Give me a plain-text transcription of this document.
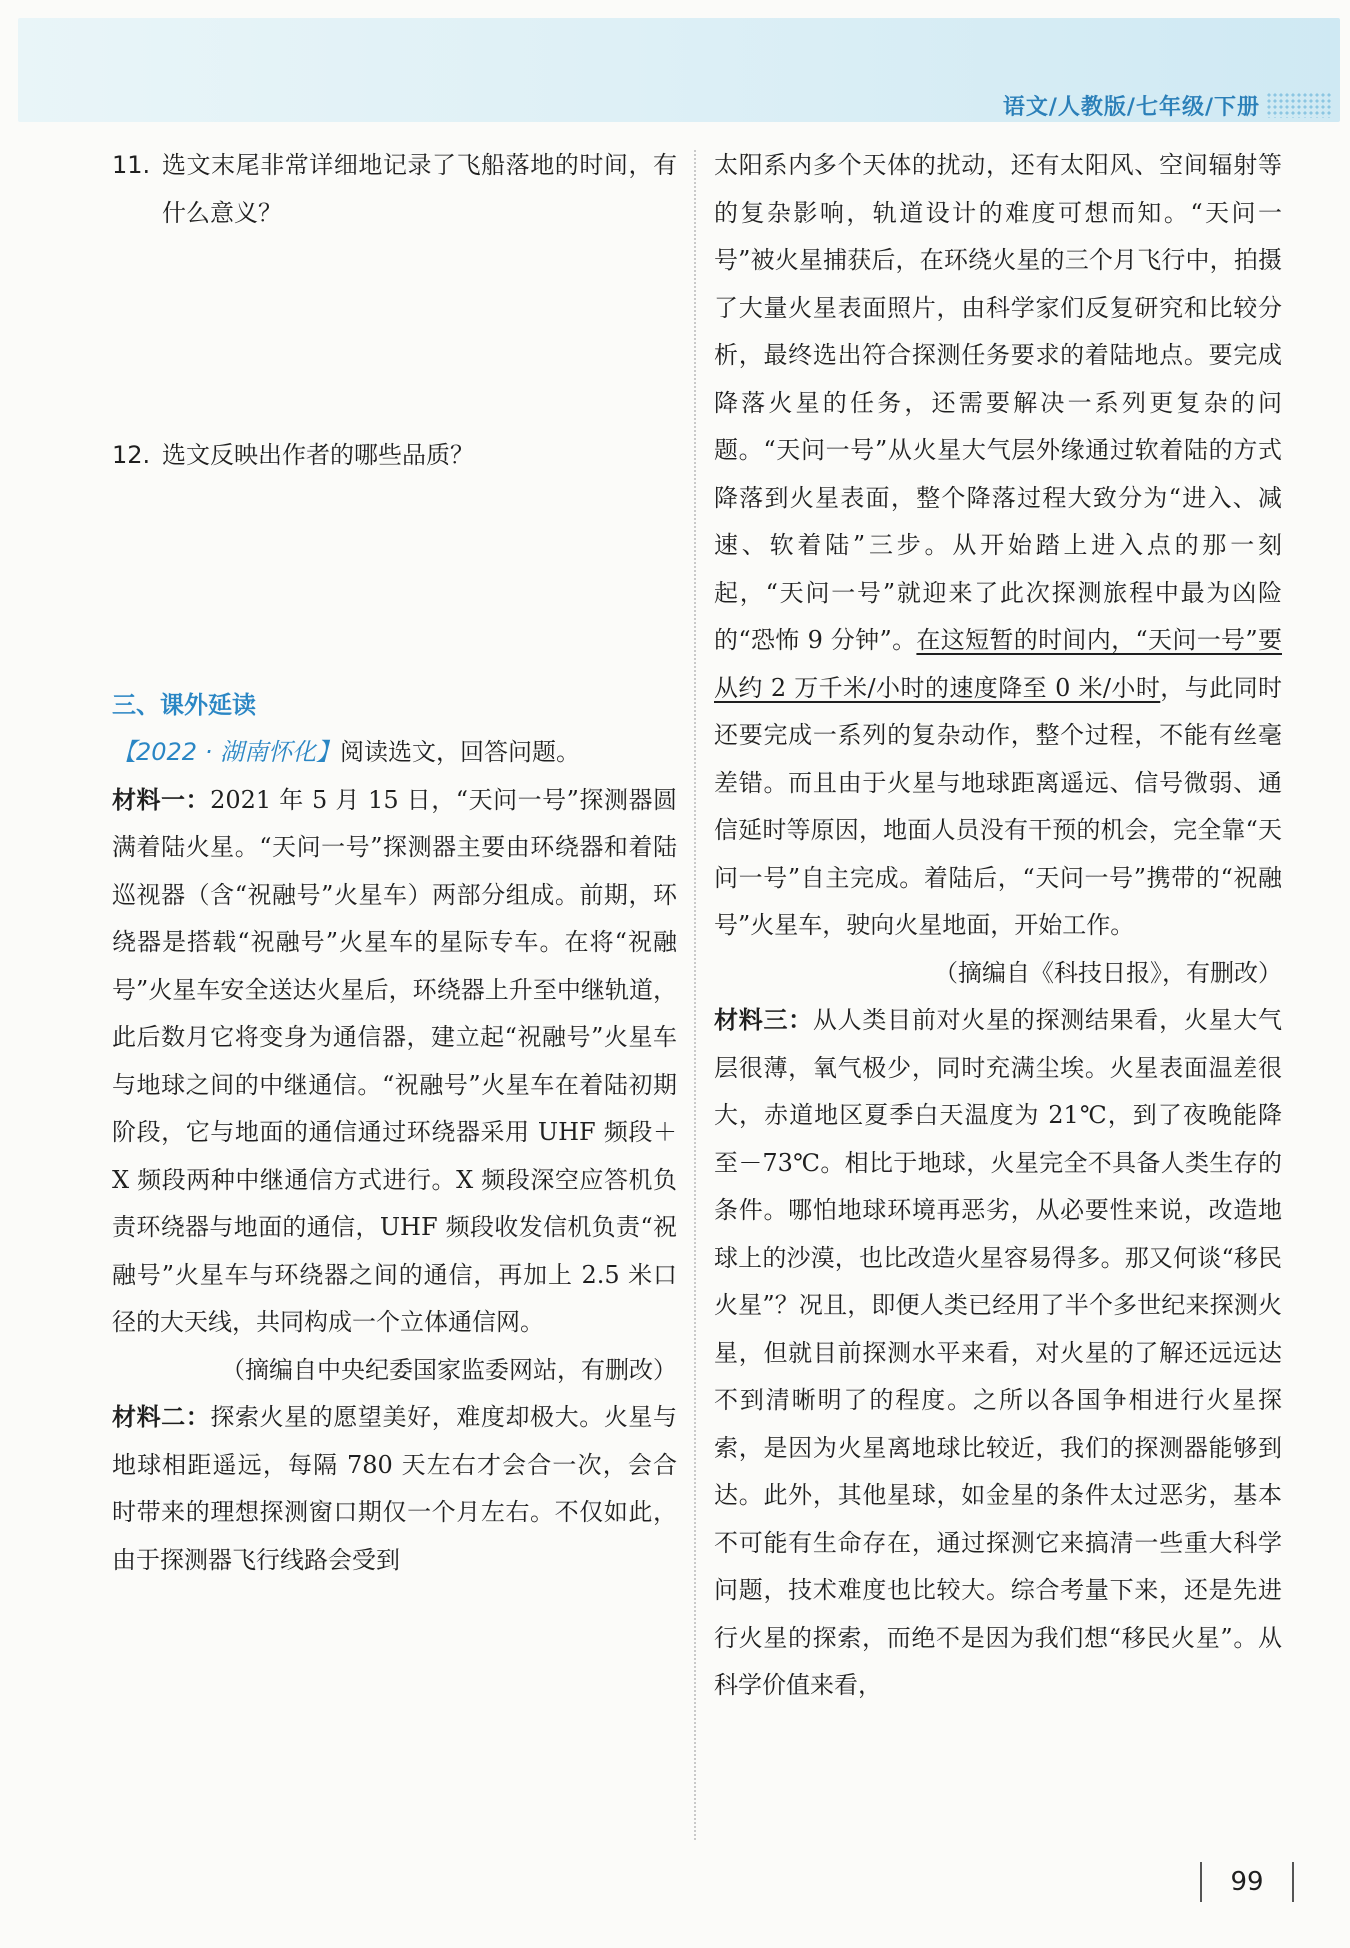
语文/人教版/七年级/下册
11. 选文末尾非常详细地记录了飞船落地的时间，有什么意义？
12. 选文反映出作者的哪些品质？
三、课外延读
【2022 · 湖南怀化】阅读选文，回答问题。
材料一：2021 年 5 月 15 日，“天问一号”探测器圆满着陆火星。“天问一号”探测器主要由环绕器和着陆巡视器（含“祝融号”火星车）两部分组成。前期，环绕器是搭载“祝融号”火星车的星际专车。在将“祝融号”火星车安全送达火星后，环绕器上升至中继轨道，此后数月它将变身为通信器，建立起“祝融号”火星车与地球之间的中继通信。“祝融号”火星车在着陆初期阶段，它与地面的通信通过环绕器采用 UHF 频段＋X 频段两种中继通信方式进行。X 频段深空应答机负责环绕器与地面的通信，UHF 频段收发信机负责“祝融号”火星车与环绕器之间的通信，再加上 2.5 米口径的大天线，共同构成一个立体通信网。
（摘编自中央纪委国家监委网站，有删改）
材料二：探索火星的愿望美好，难度却极大。火星与地球相距遥远，每隔 780 天左右才会合一次，会合时带来的理想探测窗口期仅一个月左右。不仅如此，由于探测器飞行线路会受到
太阳系内多个天体的扰动，还有太阳风、空间辐射等的复杂影响，轨道设计的难度可想而知。“天问一号”被火星捕获后，在环绕火星的三个月飞行中，拍摄了大量火星表面照片，由科学家们反复研究和比较分析，最终选出符合探测任务要求的着陆地点。要完成降落火星的任务，还需要解决一系列更复杂的问题。“天问一号”从火星大气层外缘通过软着陆的方式降落到火星表面，整个降落过程大致分为“进入、减速、软着陆”三步。从开始踏上进入点的那一刻起，“天问一号”就迎来了此次探测旅程中最为凶险的“恐怖 9 分钟”。在这短暂的时间内，“天问一号”要从约 2 万千米/小时的速度降至 0 米/小时，与此同时还要完成一系列的复杂动作，整个过程，不能有丝毫差错。而且由于火星与地球距离遥远、信号微弱、通信延时等原因，地面人员没有干预的机会，完全靠“天问一号”自主完成。着陆后，“天问一号”携带的“祝融号”火星车，驶向火星地面，开始工作。
（摘编自《科技日报》，有删改）
材料三：从人类目前对火星的探测结果看，火星大气层很薄，氧气极少，同时充满尘埃。火星表面温差很大，赤道地区夏季白天温度为 21℃，到了夜晚能降至－73℃。相比于地球，火星完全不具备人类生存的条件。哪怕地球环境再恶劣，从必要性来说，改造地球上的沙漠，也比改造火星容易得多。那又何谈“移民火星”？况且，即便人类已经用了半个多世纪来探测火星，但就目前探测水平来看，对火星的了解还远远达不到清晰明了的程度。之所以各国争相进行火星探索，是因为火星离地球比较近，我们的探测器能够到达。此外，其他星球，如金星的条件太过恶劣，基本不可能有生命存在，通过探测它来搞清一些重大科学问题，技术难度也比较大。综合考量下来，还是先进行火星的探索，而绝不是因为我们想“移民火星”。从科学价值来看，
99
